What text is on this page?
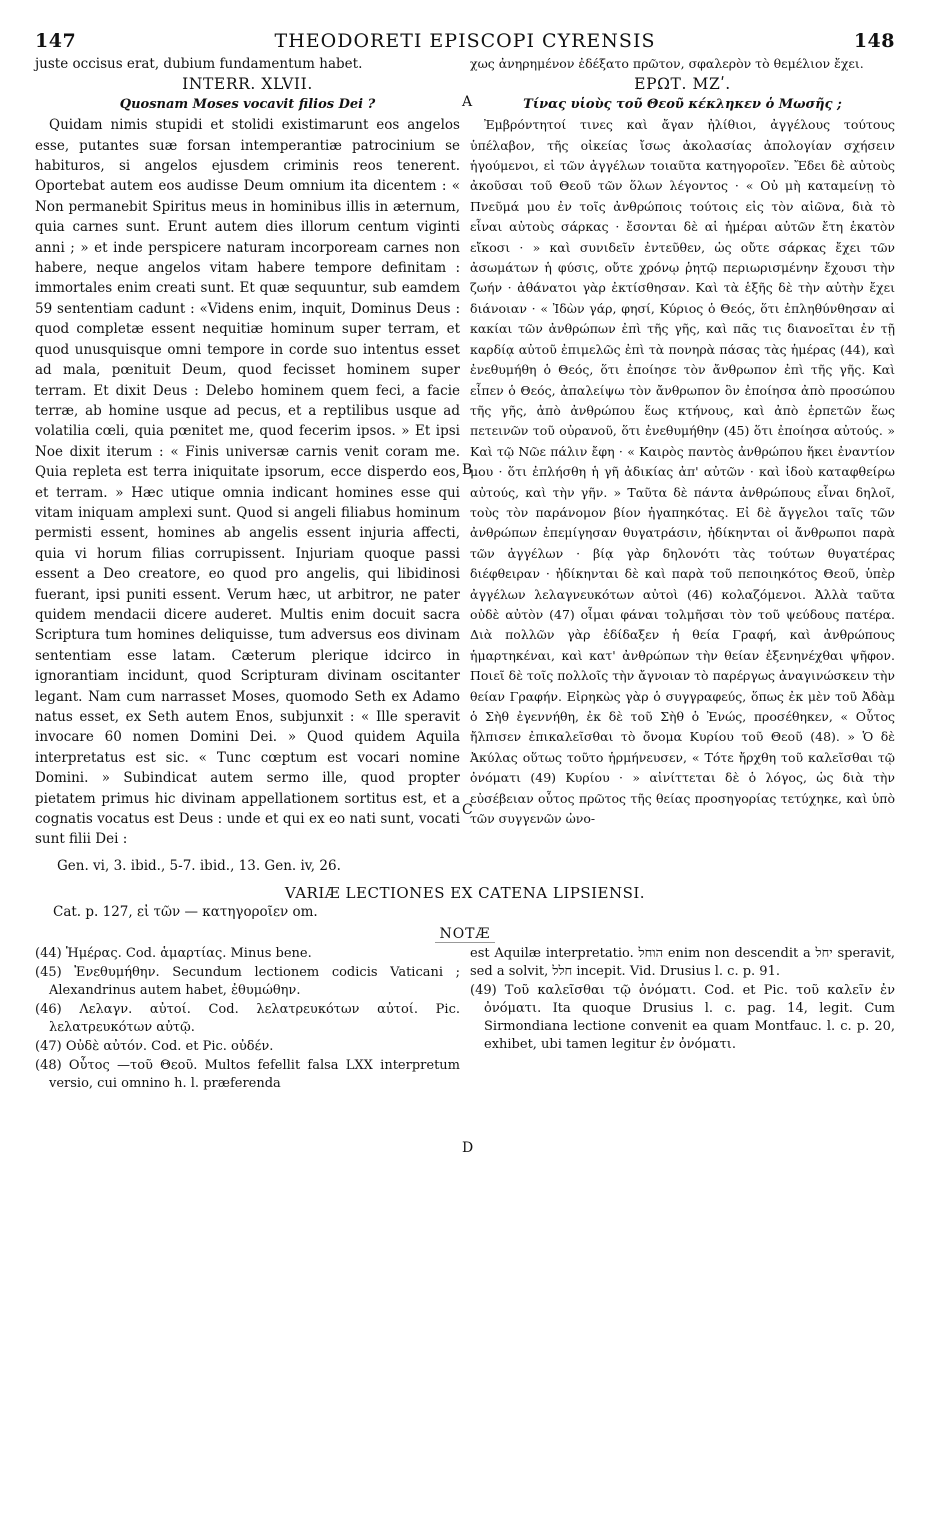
147	THEODORETI EPISCOPI CYRENSIS	148

juste occisus erat, dubium fundamentum habet.

INTERR. XLVII.

Quosnam Moses vocavit filios Dei ?

Quidam nimis stupidi et stolidi existimarunt eos angelos esse, putantes suæ forsan intemperantiæ patrocinium se habituros, si angelos ejusdem criminis reos tenerent. Oportebat autem eos audisse Deum omnium ita dicentem : « Non permanebit Spiritus meus in hominibus illis in æternum, quia carnes sunt. Erunt autem dies illorum centum viginti anni ; » et inde perspicere naturam incorpoream carnes non habere, neque angelos vitam habere tempore definitam : immortales enim creati sunt. Et quæ sequuntur, sub eamdem 59 sententiam cadunt : «Videns enim, inquit, Dominus Deus : quod completæ essent nequitiæ hominum super terram, et quod unusquisque omni tempore in corde suo intentus esset ad mala, pœnituit Deum, quod fecisset hominem super terram. Et dixit Deus : Delebo hominem quem feci, a facie terræ, ab homine usque ad pecus, et a reptilibus usque ad volatilia cœli, quia pœnitet me, quod fecerim ipsos. » Et ipsi Noe dixit iterum : « Finis universæ carnis venit coram me. Quia repleta est terra iniquitate ipsorum, ecce disperdo eos, et terram. » Hæc utique omnia indicant homines esse qui vitam iniquam amplexi sunt. Quod si angeli filiabus hominum permisti essent, homines ab angelis essent injuria affecti, quia vi horum filias corrupissent. Injuriam quoque passi essent a Deo creatore, eo quod pro angelis, qui libidinosi fuerant, ipsi puniti essent. Verum hæc, ut arbitror, ne pater quidem mendacii dicere auderet. Multis enim docuit sacra Scriptura tum homines deliquisse, tum adversus eos divinam sententiam esse latam. Cæterum plerique idcirco in ignorantiam incidunt, quod Scripturam divinam oscitanter legant. Nam cum narrasset Moses, quomodo Seth ex Adamo natus esset, ex Seth autem Enos, subjunxit : « Ille speravit invocare 60 nomen Domini Dei. » Quod quidem Aquila interpretatus est sic. « Tunc cœptum est vocari nomine Domini. » Subindicat autem sermo ille, quod propter pietatem primus hic divinam appellationem sortitus est, et a cognatis vocatus est Deus : unde et qui ex eo nati sunt, vocati sunt filii Dei :

χως ἀνηρημένον ἐδέξατο πρῶτον, σφαλερὸν τὸ θεμέλιον ἔχει.

ΕΡΩΤ. ΜΖʹ.

Τίνας υἱοὺς τοῦ Θεοῦ κέκληκεν ὁ Μωσῆς ;

Ἐμβρόντητοί τινες καὶ ἄγαν ἠλίθιοι, ἀγγέλους τούτους ὑπέλαβον, τῆς οἰκείας ἴσως ἀκολασίας ἀπολογίαν σχήσειν ἡγούμενοι, εἰ τῶν ἀγγέλων τοιαῦτα κατηγοροῖεν. Ἔδει δὲ αὐτοὺς ἀκοῦσαι τοῦ Θεοῦ τῶν ὅλων λέγοντος · « Οὐ μὴ καταμείνῃ τὸ Πνεῦμά μου ἐν τοῖς ἀνθρώποις τούτοις εἰς τὸν αἰῶνα, διὰ τὸ εἶναι αὐτοὺς σάρκας · ἔσονται δὲ αἱ ἡμέραι αὐτῶν ἔτη ἑκατὸν εἴκοσι · » καὶ συνιδεῖν ἐντεῦθεν, ὡς οὔτε σάρκας ἔχει τῶν ἀσωμάτων ἡ φύσις, οὔτε χρόνῳ ῥητῷ περιωρισμένην ἔχουσι τὴν ζωήν · ἀθάνατοι γὰρ ἐκτίσθησαν. Καὶ τὰ ἑξῆς δὲ τὴν αὐτὴν ἔχει διάνοιαν · « Ἰδὼν γάρ, φησί, Κύριος ὁ Θεός, ὅτι ἐπληθύνθησαν αἱ κακίαι τῶν ἀνθρώπων ἐπὶ τῆς γῆς, καὶ πᾶς τις διανοεῖται ἐν τῇ καρδίᾳ αὐτοῦ ἐπιμελῶς ἐπὶ τὰ πονηρὰ πάσας τὰς ἡμέρας (44), καὶ ἐνεθυμήθη ὁ Θεός, ὅτι ἐποίησε τὸν ἄνθρωπον ἐπὶ τῆς γῆς. Καὶ εἶπεν ὁ Θεός, ἀπαλείψω τὸν ἄνθρωπον ὃν ἐποίησα ἀπὸ προσώπου τῆς γῆς, ἀπὸ ἀνθρώπου ἕως κτήνους, καὶ ἀπὸ ἑρπετῶν ἕως πετεινῶν τοῦ οὐρανοῦ, ὅτι ἐνεθυμήθην (45) ὅτι ἐποίησα αὐτούς. » Καὶ τῷ Νῶε πάλιν ἔφη · « Καιρὸς παντὸς ἀνθρώπου ἥκει ἐναντίον μου · ὅτι ἐπλήσθη ἡ γῆ ἀδικίας ἀπ' αὐτῶν · καὶ ἰδοὺ καταφθείρω αὐτούς, καὶ τὴν γῆν. » Ταῦτα δὲ πάντα ἀνθρώπους εἶναι δηλοῖ, τοὺς τὸν παράνομον βίον ἠγαπηκότας. Εἰ δὲ ἄγγελοι ταῖς τῶν ἀνθρώπων ἐπεμίγησαν θυγατράσιν, ἠδίκηνται οἱ ἄνθρωποι παρὰ τῶν ἀγγέλων · βίᾳ γὰρ δηλονότι τὰς τούτων θυγατέρας διέφθειραν · ἠδίκηνται δὲ καὶ παρὰ τοῦ πεποιηκότος Θεοῦ, ὑπὲρ ἀγγέλων λελαγνευκότων αὐτοὶ (46) κολαζόμενοι. Ἀλλὰ ταῦτα οὐδὲ αὐτὸν (47) οἶμαι φάναι τολμῆσαι τὸν τοῦ ψεύδους πατέρα. Διὰ πολλῶν γὰρ ἐδίδαξεν ἡ θεία Γραφή, καὶ ἀνθρώπους ἡμαρτηκέναι, καὶ κατ' ἀνθρώπων τὴν θείαν ἐξενηνέχθαι ψῆφον. Ποιεῖ δὲ τοῖς πολλοῖς τὴν ἄγνοιαν τὸ παρέργως ἀναγινώσκειν τὴν θείαν Γραφήν. Εἰρηκὼς γὰρ ὁ συγγραφεύς, ὅπως ἐκ μὲν τοῦ Ἀδὰμ ὁ Σὴθ ἐγεννήθη, ἐκ δὲ τοῦ Σὴθ ὁ Ἐνώς, προσέθηκεν, « Οὗτος ἤλπισεν ἐπικαλεῖσθαι τὸ ὄνομα Κυρίου τοῦ Θεοῦ (48). » Ὁ δὲ Ἀκύλας οὕτως τοῦτο ἡρμήνευσεν, « Τότε ἤρχθη τοῦ καλεῖσθαι τῷ ὀνόματι (49) Κυρίου · » αἰνίττεται δὲ ὁ λόγος, ὡς διὰ τὴν εὐσέβειαν οὗτος πρῶτος τῆς θείας προσηγορίας τετύχηκε, καὶ ὑπὸ τῶν συγγενῶν ὠνο-

A
B
C
D
Gen. vi, 3. ibid., 5-7. ibid., 13. Gen. iv, 26.
VARIÆ LECTIONES EX CATENA LIPSIENSI.
Cat. p. 127, εἰ τῶν — κατηγοροῖεν om.
NOTÆ

(44) Ἡμέρας. Cod. ἁμαρτίας. Minus bene.

(45) Ἐνεθυμήθην. Secundum lectionem codicis Vaticani ; Alexandrinus autem habet, ἐθυμώθην.

(46) Λελαγν. αὐτοί. Cod. λελατρευκότων αὐτοί. Pic. λελατρευκότων αὐτῷ.

(47) Οὐδὲ αὐτόν. Cod. et Pic. οὐδέν.

(48) Οὗτος —τοῦ Θεοῦ. Multos fefellit falsa LXX interpretum versio, cui omnino h. l. præferenda

est Aquilæ interpretatio. הוחל enim non descendit a יחל speravit, sed a solvit, חלל incepit. Vid. Drusius l. c. p. 91.

(49) Τοῦ καλεῖσθαι τῷ ὀνόματι. Cod. et Pic. τοῦ καλεῖν ἐν ὀνόματι. Ita quoque Drusius l. c. pag. 14, legit. Cum Sirmondiana lectione convenit ea quam Montfauc. l. c. p. 20, exhibet, ubi tamen legitur ἐν ὀνόματι.
